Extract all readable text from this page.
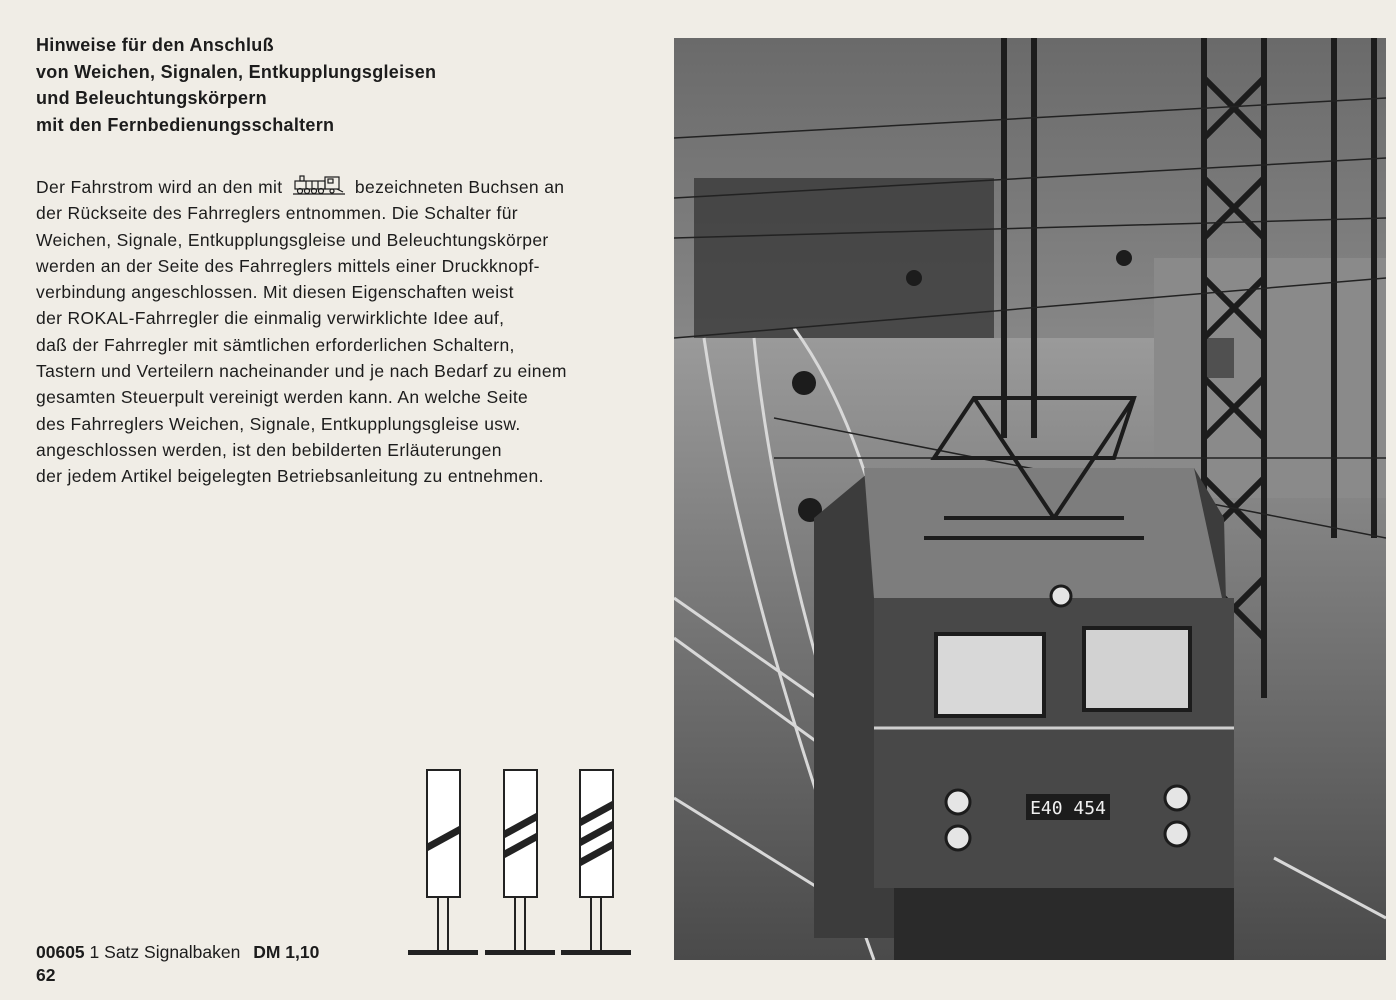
Hinweise für den Anschluß
von Weichen, Signalen, Entkupplungsgleisen
und Beleuchtungskörpern
mit den Fernbedienungsschaltern
Der Fahrstrom wird an den mit	bezeichneten Buchsen an
der Rückseite des Fahrreglers entnommen. Die Schalter für
Weichen, Signale, Entkupplungsgleise und Beleuchtungskörper
werden an der Seite des Fahrreglers mittels einer Druckknopf-
verbindung angeschlossen. Mit diesen Eigenschaften weist
der ROKAL-Fahrregler die einmalig verwirklichte Idee auf,
daß der Fahrregler mit sämtlichen erforderlichen Schaltern,
Tastern und Verteilern nacheinander und je nach Bedarf zu einem
gesamten Steuerpult vereinigt werden kann. An welche Seite
des Fahrreglers Weichen, Signale, Entkupplungsgleise usw.
angeschlossen werden, ist den bebilderten Erläuterungen
der jedem Artikel beigelegten Betriebsanleitung zu entnehmen.
00605 1 Satz Signalbaken DM 1,10
62
E40 454
